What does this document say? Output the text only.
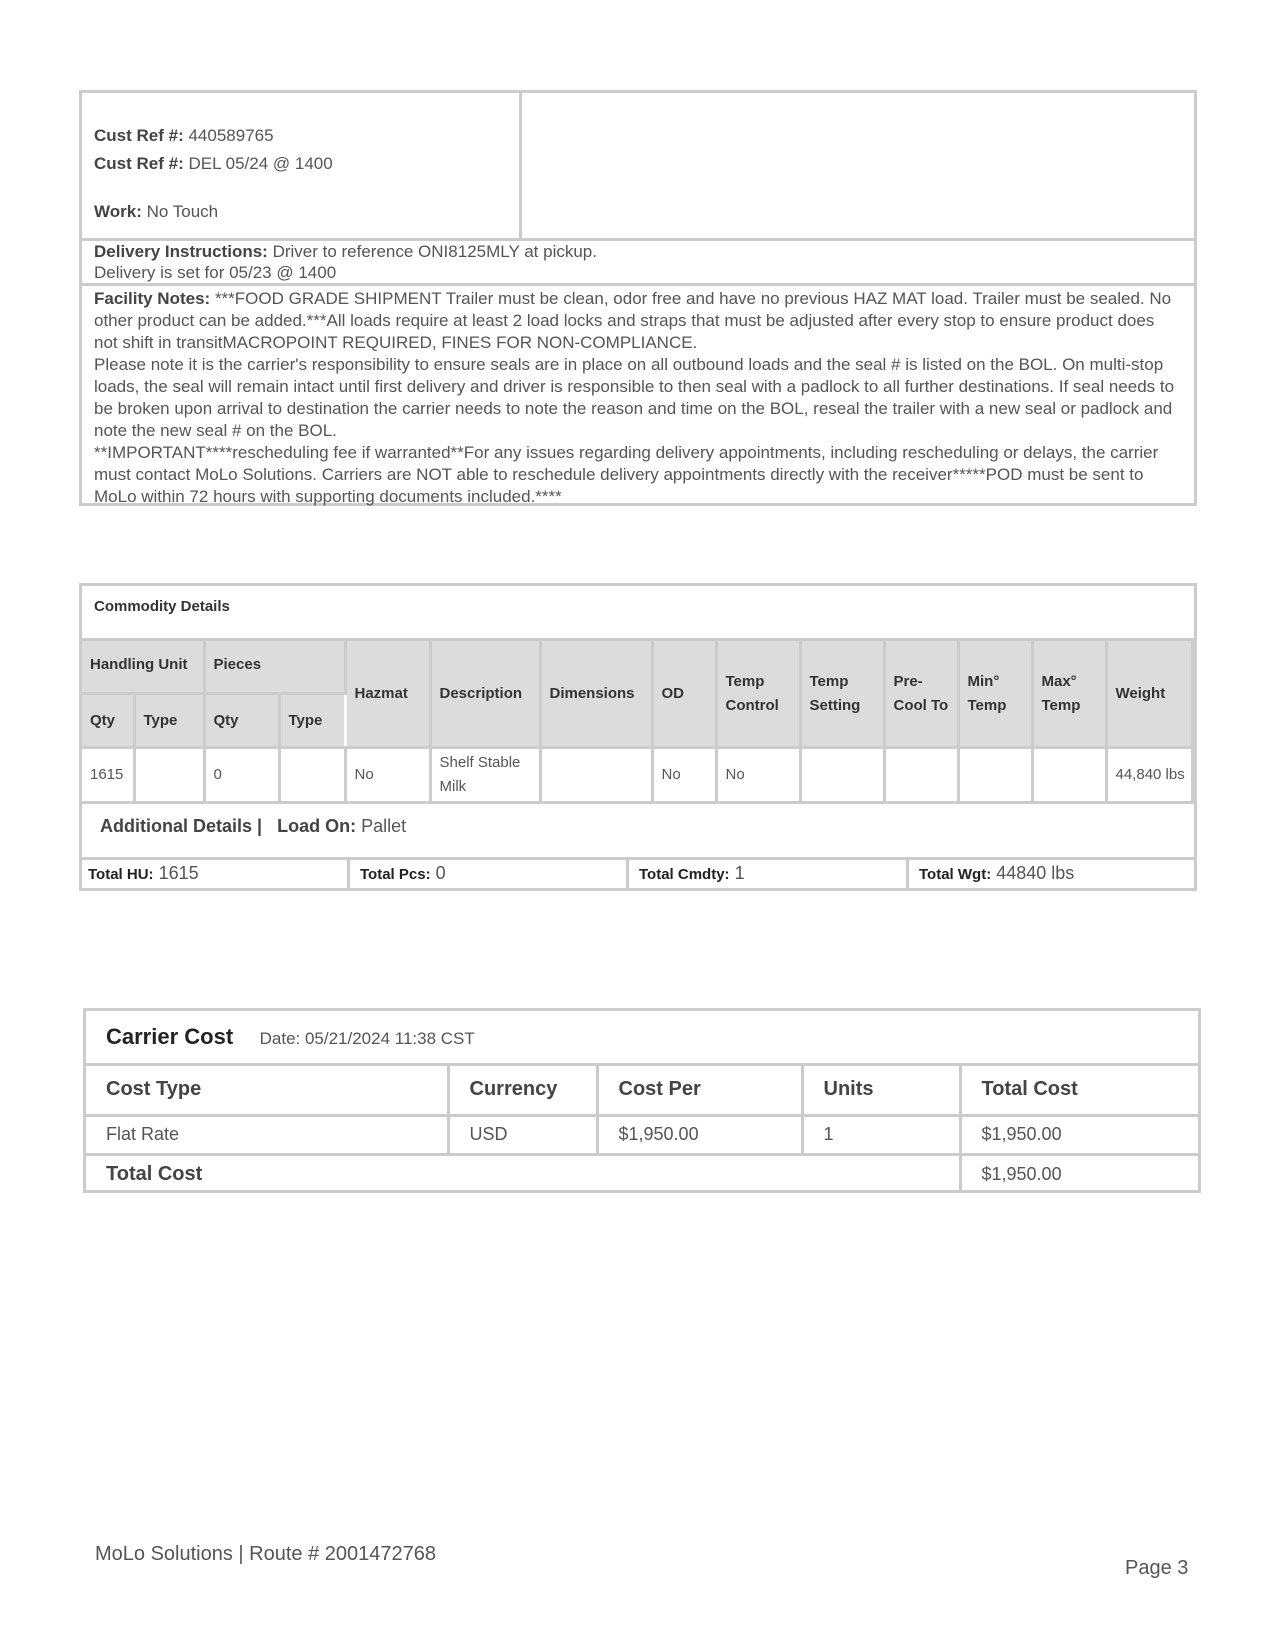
Cust Ref #: 440589765
Cust Ref #: DEL 05/24 @ 1400
Work: No Touch
Delivery Instructions: Driver to reference ONI8125MLY at pickup.
Delivery is set for 05/23 @ 1400
Facility Notes: ***FOOD GRADE SHIPMENT Trailer must be clean, odor free and have no previous HAZ MAT load. Trailer must be sealed. No other product can be added.***All loads require at least 2 load locks and straps that must be adjusted after every stop to ensure product does not shift in transitMACROPOINT REQUIRED, FINES FOR NON-COMPLIANCE.
Please note it is the carrier's responsibility to ensure seals are in place on all outbound loads and the seal # is listed on the BOL. On multi-stop loads, the seal will remain intact until first delivery and driver is responsible to then seal with a padlock to all further destinations. If seal needs to be broken upon arrival to destination the carrier needs to note the reason and time on the BOL, reseal the trailer with a new seal or padlock and note the new seal # on the BOL.
**IMPORTANT****rescheduling fee if warranted**For any issues regarding delivery appointments, including rescheduling or delays, the carrier must contact MoLo Solutions. Carriers are NOT able to reschedule delivery appointments directly with the receiver*****POD must be sent to MoLo within 72 hours with supporting documents included.****
Commodity Details
Handling Unit		Pieces		Hazmat	Description	Dimensions	OD	Temp Control	Temp Setting	Pre-Cool To	Min° Temp	Max° Temp	Weight
Qty	Type	Qty	Type										
1615		0		No	Shelf Stable Milk		No	No					44,840 lbs
Additional Details | Load On: Pallet
Total HU: 1615	Total Pcs: 0	Total Cmdty: 1	Total Wgt: 44840 lbs
Carrier Cost Date: 05/21/2024 11:38 CST
Cost Type	Currency	Cost Per	Units	Total Cost
Flat Rate	USD	$1,950.00	1	$1,950.00
Total Cost				$1,950.00
MoLo Solutions | Route # 2001472768
Page 3
